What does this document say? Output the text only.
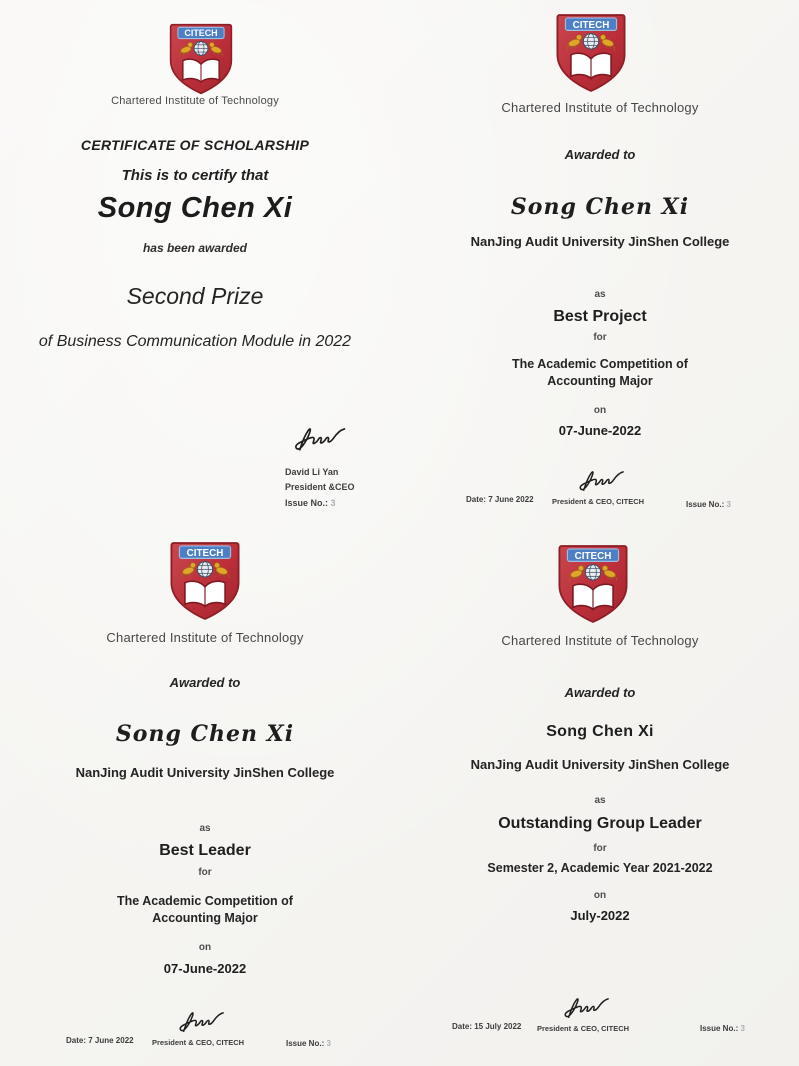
Chartered Institute of Technology
CERTIFICATE OF SCHOLARSHIP
This is to certify that
Song Chen Xi
has been awarded
Second Prize
of Business Communication Module in 2022
David Li Yan
President &CEO
Issue No.: 3
Chartered Institute of Technology
Awarded to
Song Chen Xi
NanJing Audit University JinShen College
as
Best Project
for
The Academic Competition of
Accounting Major
on
07-June-2022
Date: 7 June 2022	President & CEO, CITECH	Issue No.: 3
Chartered Institute of Technology
Awarded to
Song Chen Xi
NanJing Audit University JinShen College
as
Best Leader
for
The Academic Competition of
Accounting Major
on
07-June-2022
Date: 7 June 2022	President & CEO, CITECH	Issue No.: 3
Chartered Institute of Technology
Awarded to
Song Chen Xi
NanJing Audit University JinShen College
as
Outstanding Group Leader
for
Semester 2, Academic Year 2021-2022
on
July-2022
Date: 15 July 2022	President & CEO, CITECH	Issue No.: 3
